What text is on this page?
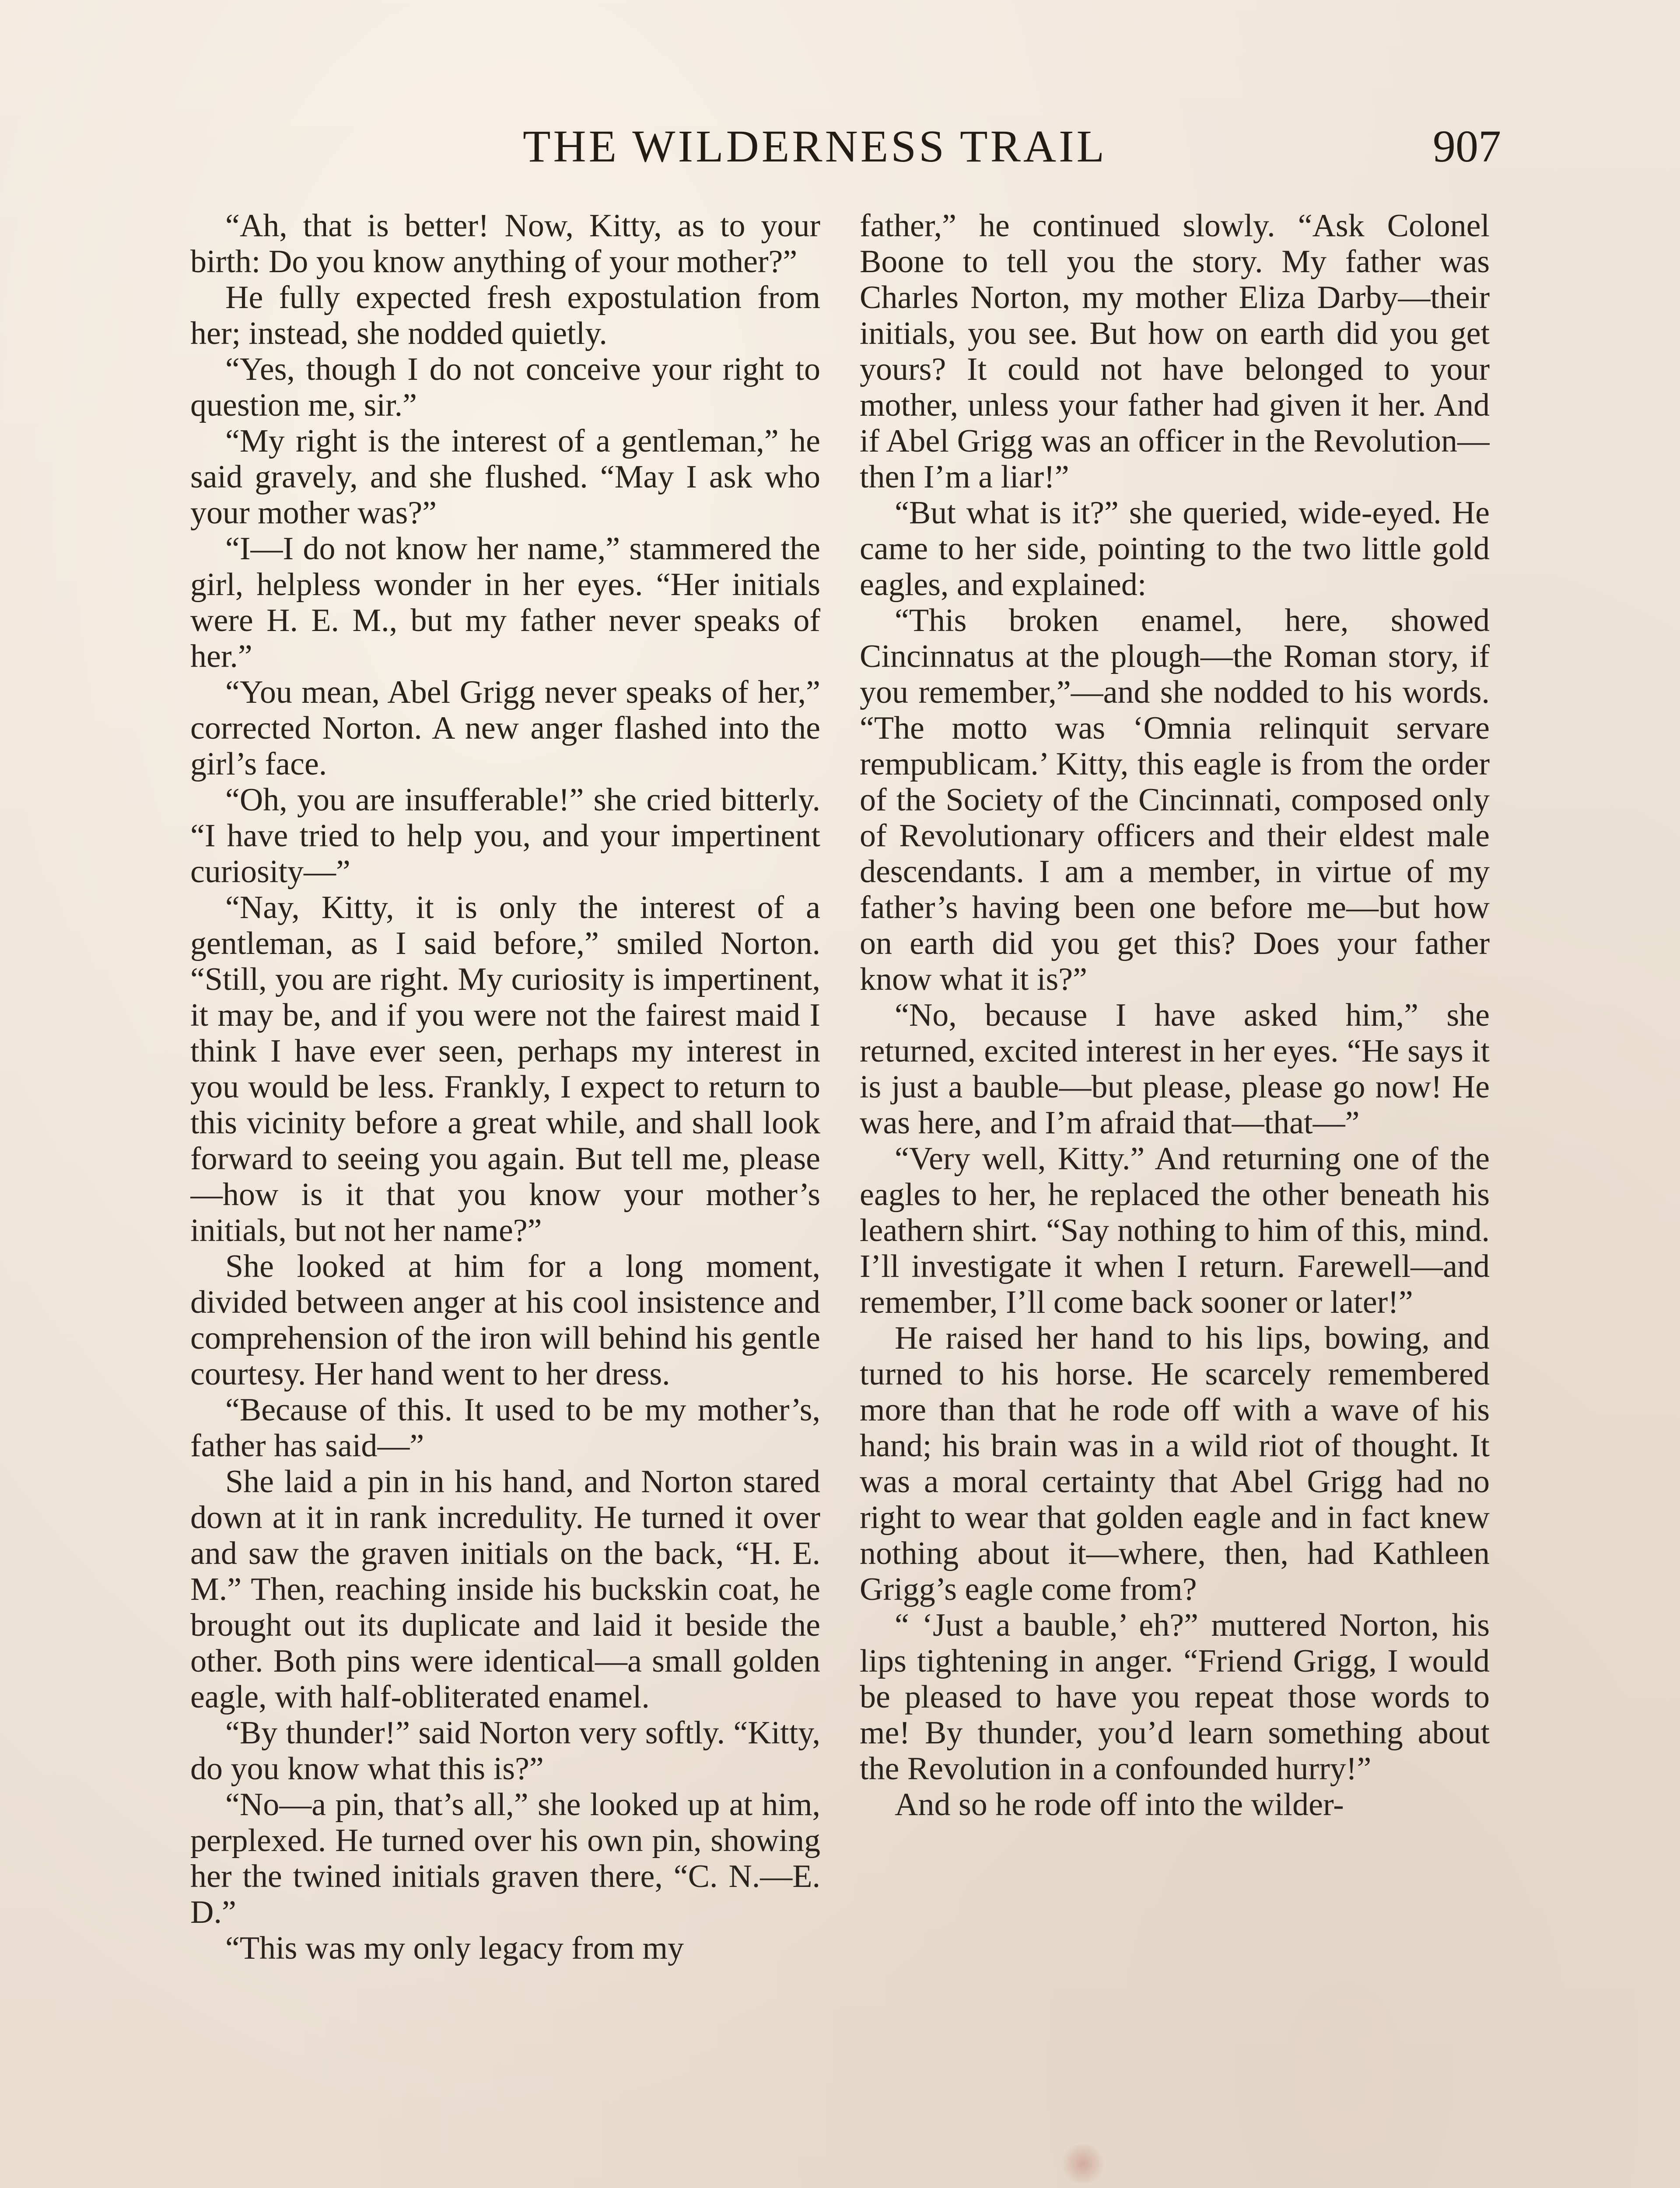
THE WILDERNESS TRAIL	907

“Ah, that is better! Now, Kitty, as to your birth: Do you know anything of your mother?”

He fully expected fresh expostulation from her; instead, she nodded quietly.

“Yes, though I do not conceive your right to question me, sir.”

“My right is the interest of a gentleman,” he said gravely, and she flushed. “May I ask who your mother was?”

“I—I do not know her name,” stammered the girl, helpless wonder in her eyes. “Her initials were H. E. M., but my father never speaks of her.”

“You mean, Abel Grigg never speaks of her,” corrected Norton. A new anger flashed into the girl’s face.

“Oh, you are insufferable!” she cried bitterly. “I have tried to help you, and your impertinent curiosity—”

“Nay, Kitty, it is only the interest of a gentleman, as I said before,” smiled Norton. “Still, you are right. My curiosity is impertinent, it may be, and if you were not the fairest maid I think I have ever seen, perhaps my interest in you would be less. Frankly, I expect to return to this vicinity before a great while, and shall look forward to seeing you again. But tell me, please—how is it that you know your mother’s initials, but not her name?”

She looked at him for a long moment, divided between anger at his cool insistence and comprehension of the iron will behind his gentle courtesy. Her hand went to her dress.

“Because of this. It used to be my mother’s, father has said—”

She laid a pin in his hand, and Norton stared down at it in rank incredulity. He turned it over and saw the graven initials on the back, “H. E. M.” Then, reaching inside his buckskin coat, he brought out its duplicate and laid it beside the other. Both pins were identical—a small golden eagle, with half-obliterated enamel.

“By thunder!” said Norton very softly. “Kitty, do you know what this is?”

“No—a pin, that’s all,” she looked up at him, perplexed. He turned over his own pin, showing her the twined initials graven there, “C. N.—E. D.”

“This was my only legacy from my

father,” he continued slowly. “Ask Colonel Boone to tell you the story. My father was Charles Norton, my mother Eliza Darby—their initials, you see. But how on earth did you get yours? It could not have belonged to your mother, unless your father had given it her. And if Abel Grigg was an officer in the Revolution—then I’m a liar!”

“But what is it?” she queried, wide-eyed. He came to her side, pointing to the two little gold eagles, and explained:

“This broken enamel, here, showed Cincinnatus at the plough—the Roman story, if you remember,”—and she nodded to his words. “The motto was ‘Omnia relinquit servare rempublicam.’ Kitty, this eagle is from the order of the Society of the Cincinnati, composed only of Revolutionary officers and their eldest male descendants. I am a member, in virtue of my father’s having been one before me—but how on earth did you get this? Does your father know what it is?”

“No, because I have asked him,” she returned, excited interest in her eyes. “He says it is just a bauble—but please, please go now! He was here, and I’m afraid that—that—”

“Very well, Kitty.” And returning one of the eagles to her, he replaced the other beneath his leathern shirt. “Say nothing to him of this, mind. I’ll investigate it when I return. Farewell—and remember, I’ll come back sooner or later!”

He raised her hand to his lips, bowing, and turned to his horse. He scarcely remembered more than that he rode off with a wave of his hand; his brain was in a wild riot of thought. It was a moral certainty that Abel Grigg had no right to wear that golden eagle and in fact knew nothing about it—where, then, had Kathleen Grigg’s eagle come from?

“ ‘Just a bauble,’ eh?” muttered Norton, his lips tightening in anger. “Friend Grigg, I would be pleased to have you repeat those words to me! By thunder, you’d learn something about the Revolution in a confounded hurry!”

And so he rode off into the wilder-
